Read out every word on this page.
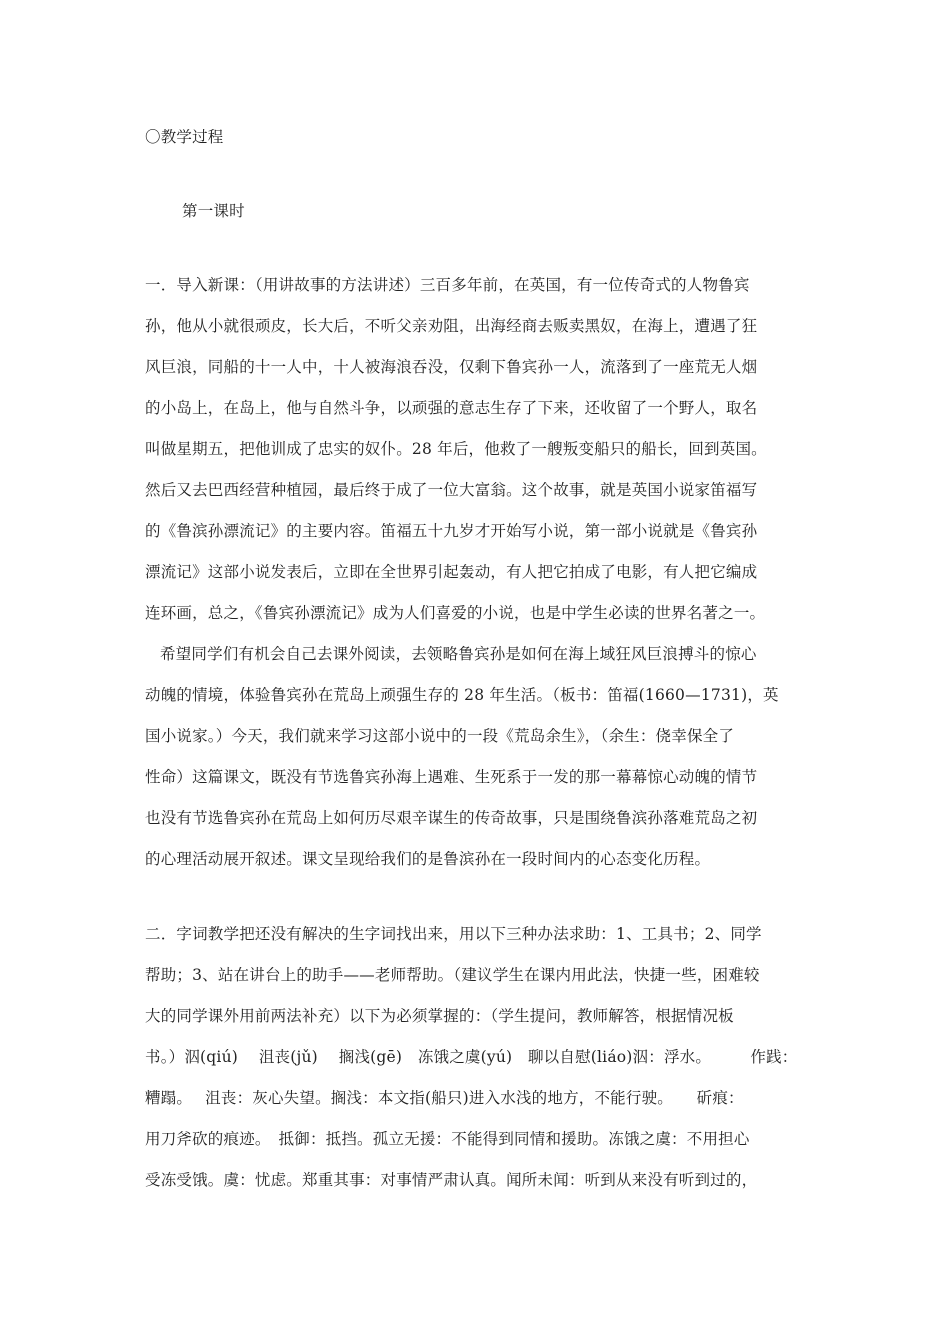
〇教学过程
第一课时
一．导入新课：（用讲故事的方法讲述）三百多年前，在英国，有一位传奇式的人物鲁宾
孙，他从小就很顽皮，长大后，不听父亲劝阻，出海经商去贩卖黑奴，在海上，遭遇了狂
风巨浪，同船的十一人中，十人被海浪吞没，仅剩下鲁宾孙一人，流落到了一座荒无人烟
的小岛上，在岛上，他与自然斗争，以顽强的意志生存了下来，还收留了一个野人，取名
叫做星期五，把他训成了忠实的奴仆。28 年后，他救了一艘叛变船只的船长，回到英国。
然后又去巴西经营种植园，最后终于成了一位大富翁。这个故事，就是英国小说家笛福写
的《鲁滨孙漂流记》的主要内容。笛福五十九岁才开始写小说，第一部小说就是《鲁宾孙
漂流记》这部小说发表后，立即在全世界引起轰动，有人把它拍成了电影，有人把它编成
连环画，总之，《鲁宾孙漂流记》成为人们喜爱的小说，也是中学生必读的世界名著之一。
希望同学们有机会自己去课外阅读，去领略鲁宾孙是如何在海上域狂风巨浪搏斗的惊心
动魄的情境，体验鲁宾孙在荒岛上顽强生存的 28 年生活。（板书：笛福(1660—1731)，英
国小说家。）今天，我们就来学习这部小说中的一段《荒岛余生》，（余生：侥幸保全了
性命）这篇课文，既没有节选鲁宾孙海上遇难、生死系于一发的那一幕幕惊心动魄的情节
也没有节选鲁宾孙在荒岛上如何历尽艰辛谋生的传奇故事，只是围绕鲁滨孙落难荒岛之初
的心理活动展开叙述。课文呈现给我们的是鲁滨孙在一段时间内的心态变化历程。
二．字词教学把还没有解决的生字词找出来，用以下三种办法求助：1、工具书；2、同学
帮助；3、站在讲台上的助手——老师帮助。（建议学生在课内用此法，快捷一些，困难较
大的同学课外用前两法补充）以下为必须掌握的：（学生提问，教师解答，根据情况板
书。）泅(qiú)　 沮丧(jǔ)　 搁浅(gē)　冻饿之虞(yú)　聊以自慰(liáo)泅：浮水。　　　作践：
糟蹋。　 沮丧：灰心失望。搁浅：本文指(船只)进入水浅的地方，不能行驶。　　斫痕：
用刀斧砍的痕迹。　抵御：抵挡。孤立无援：不能得到同情和援助。冻饿之虞：不用担心
受冻受饿。虞：忧虑。郑重其事：对事情严肃认真。闻所未闻：听到从来没有听到过的，
